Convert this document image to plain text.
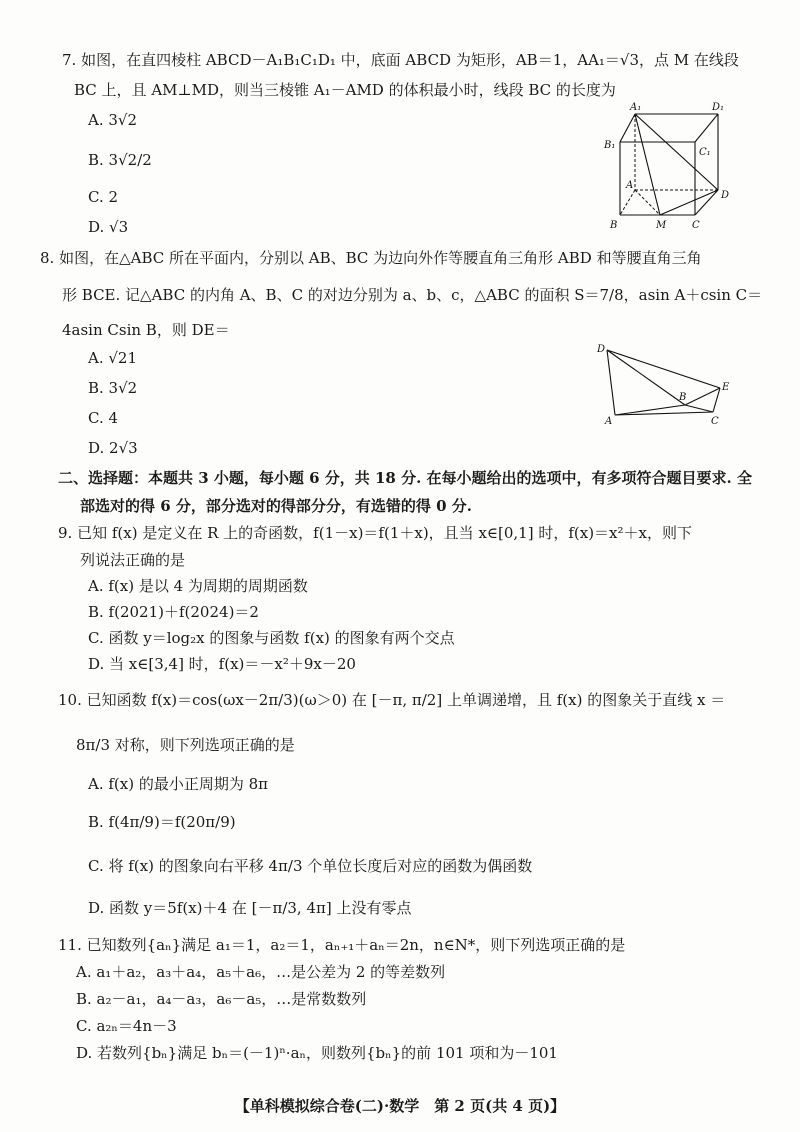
7. 如图，在直四棱柱 ABCD－A₁B₁C₁D₁ 中，底面 ABCD 为矩形，AB＝1，AA₁＝√3，点 M 在线段
BC 上，且 AM⊥MD，则当三棱锥 A₁－AMD 的体积最小时，线段 BC 的长度为
A. 3√2
B. 3√2/2
C. 2
D. √3
A₁	D₁
B₁
C₁
A
D
B	M	C
8. 如图，在△ABC 所在平面内，分别以 AB、BC 为边向外作等腰直角三角形 ABD 和等腰直角三角
形 BCE. 记△ABC 的内角 A、B、C 的对边分别为 a、b、c，△ABC 的面积 S＝7/8，asin A＋csin C＝
4asin Csin B，则 DE＝
A. √21
B. 3√2
C. 4
D. 2√3
D
E
A
B
C
二、选择题：本题共 3 小题，每小题 6 分，共 18 分. 在每小题给出的选项中，有多项符合题目要求. 全
部选对的得 6 分，部分选对的得部分分，有选错的得 0 分.
9. 已知 f(x) 是定义在 R 上的奇函数，f(1－x)＝f(1＋x)，且当 x∈[0,1] 时，f(x)＝x²＋x，则下
列说法正确的是
A. f(x) 是以 4 为周期的周期函数
B. f(2021)＋f(2024)＝2
C. 函数 y＝log₂x 的图象与函数 f(x) 的图象有两个交点
D. 当 x∈[3,4] 时，f(x)＝－x²＋9x－20
10. 已知函数 f(x)＝cos(ωx－2π/3)(ω＞0) 在 [－π, π/2] 上单调递增，且 f(x) 的图象关于直线 x ＝
8π/3 对称，则下列选项正确的是
A. f(x) 的最小正周期为 8π
B. f(4π/9)＝f(20π/9)
C. 将 f(x) 的图象向右平移 4π/3 个单位长度后对应的函数为偶函数
D. 函数 y＝5f(x)＋4 在 [－π/3, 4π] 上没有零点
11. 已知数列{aₙ}满足 a₁＝1，a₂＝1，aₙ₊₁＋aₙ＝2n，n∈N*，则下列选项正确的是
A. a₁＋a₂，a₃＋a₄，a₅＋a₆，…是公差为 2 的等差数列
B. a₂－a₁，a₄－a₃，a₆－a₅，…是常数数列
C. a₂ₙ＝4n－3
D. 若数列{bₙ}满足 bₙ＝(－1)ⁿ·aₙ，则数列{bₙ}的前 101 项和为－101
【单科模拟综合卷(二)·数学　第 2 页(共 4 页)】
